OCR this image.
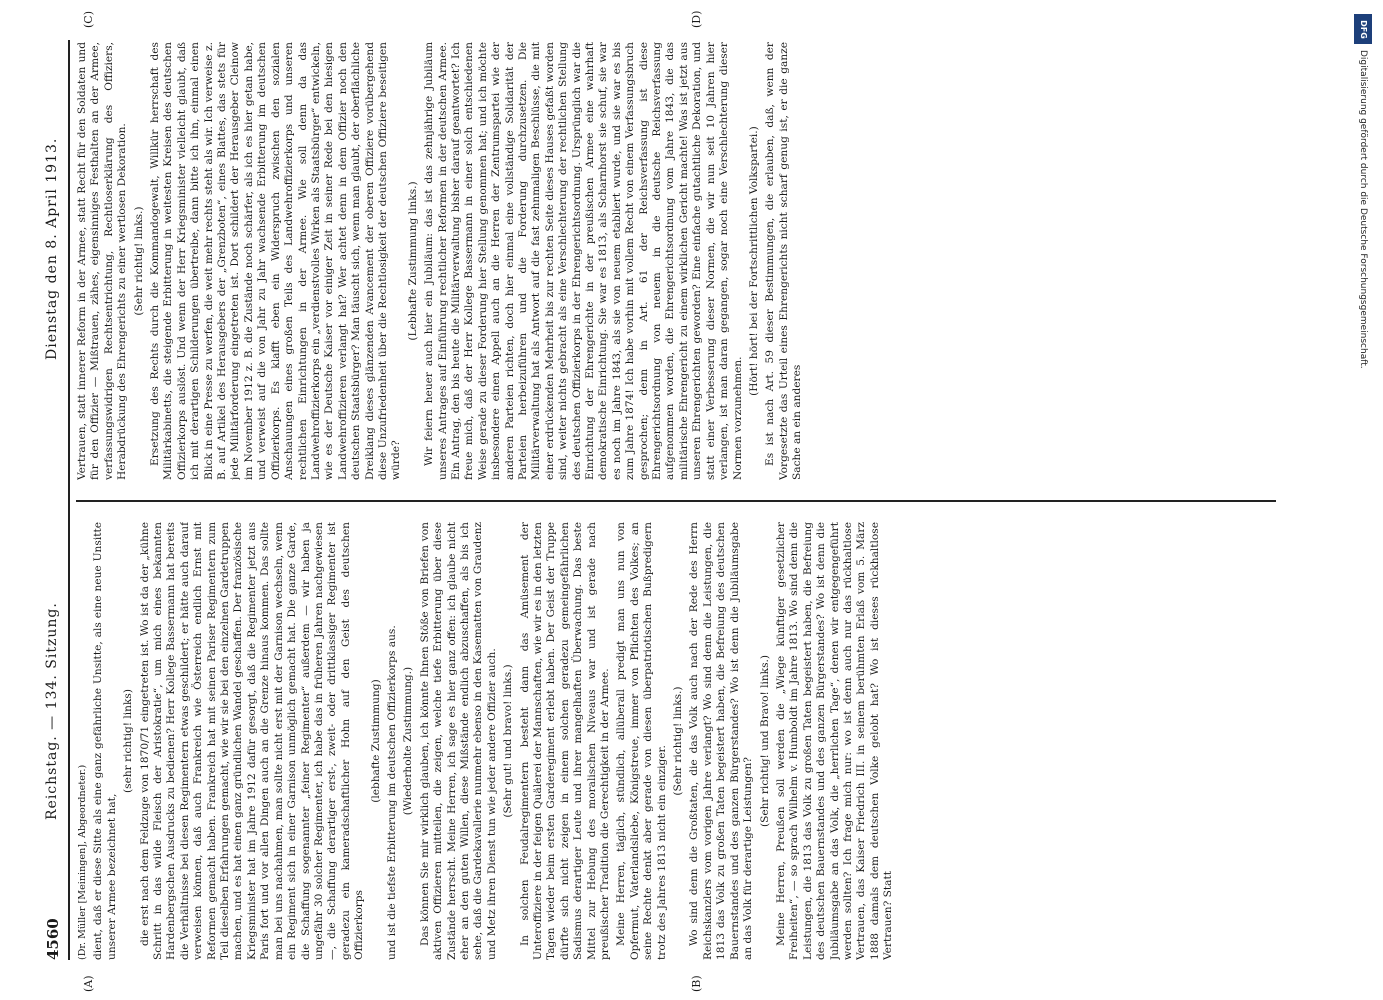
4560
Reichstag. — 134. Sitzung.
Dienstag den 8. April 1913.
(A)	(B)
(C)	(D)

(Dr. Müller [Meiningen], Abgeordneter.) dient, daß er diese Sitte als eine ganz gefährliche Unsitte, als eine neue Unsitte unserer Armee bezeichnet hat,

(sehr richtig! links) die erst nach dem Feldzuge von 1870/71 eingetreten ist. Wo ist da der „kühne Schritt in das wilde Fleisch der Aristokratie“, um mich eines bekannten Hardenbergschen Ausdrucks zu bedienen? Herr Kollege Bassermann hat bereits die Verhältnisse bei diesen Regimentern etwas geschildert; er hätte auch darauf verweisen können, daß auch Frankreich wie Österreich endlich Ernst mit Reformen gemacht haben. Frankreich hat mit seinen Pariser Regimentern zum Teil dieselben Erfahrungen gemacht, wie wir sie bei den einzelnen Gardetruppen machen, und es hat einen ganz gründlichen Wandel geschaffen. Der französische Kriegsminister hat im Jahre 1912 dafür gesorgt, daß die Regimenter jetzt aus Paris fort und vor allen Dingen auch an die Grenze hinaus kommen. Das sollte man bei uns nachahmen, man sollte nicht erst mit der Garnison wechseln, wenn ein Regiment sich in einer Garnison unmöglich gemacht hat. Die ganze Garde, die Schaffung sogenannter „feiner Regimenter“ außerdem — wir haben ja ungefähr 30 solcher Regimenter, ich habe das in früheren Jahren nachgewiesen —, die Schaffung derartiger erst-, zweit- oder drittklassiger Regimenter ist geradezu ein kameradschaftlicher Hohn auf den Geist des deutschen Offizierkorps

(lebhafte Zustimmung) und ist die tiefste Erbitterung im deutschen Offizierkorps aus. (Wiederholte Zustimmung.) Das können Sie mir wirklich glauben, ich könnte Ihnen Stöße von Briefen von aktiven Offizieren mitteilen, die zeigen, welche tiefe Erbitterung über diese Zustände herrscht. Meine Herren, ich sage es hier ganz offen: ich glaube nicht eher an den guten Willen, diese Mißstände endlich abzuschaffen, als bis ich sehe, daß die Gardekavallerie nunmehr ebenso in den Kasematten von Graudenz und Metz ihren Dienst tun wie jeder andere Offizier auch. (Sehr gut! und bravo! links.) In solchen Feudalregimentern besteht dann das Amüsement der Unteroffiziere in der feigen Quälerei der Mannschaften, wie wir es in den letzten Tagen wieder beim ersten Garderegiment erlebt haben. Der Geist der Truppe dürfte sich nicht zeigen in einem solchen geradezu gemeingefährlichen Sadismus derartiger Leute und ihrer mangelhaften Überwachung. Das beste Mittel zur Hebung des moralischen Niveaus war und ist gerade nach preußischer Tradition die Gerechtigkeit in der Armee. Meine Herren, täglich, stündlich, allüberall predigt man uns nun von Opfermut, Vaterlandsliebe, Königstreue, immer von Pflichten des Volkes; an seine Rechte denkt aber gerade von diesen überpatriotischen Bußpredigern trotz des Jahres 1813 nicht ein einziger.

(Sehr richtig! links.) Wo sind denn die Großtaten, die das Volk auch nach der Rede des Herrn Reichskanzlers vom vorigen Jahre verlangt? Wo sind denn die Leistungen, die 1813 das Volk zu großen Taten begeistert haben, die Befreiung des deutschen Bauernstandes und des ganzen Bürgerstandes? Wo ist denn die Jubiläumsgabe an das Volk für derartige Leistungen?

(Sehr richtig! und Bravo! links.) Meine Herren, Preußen soll werden die „Wiege künftiger gesetzlicher Freiheiten“, — so sprach Wilhelm v. Humboldt im Jahre 1813. Wo sind denn die Leistungen, die 1813 das Volk zu großen Taten begeistert haben, die Befreiung des deutschen Bauernstandes und des ganzen Bürgerstandes? Wo ist denn die Jubiläumsgabe an das Volk, die „herrlichen Tage“, denen wir entgegengeführt werden sollten? Ich frage mich nur: wo ist denn auch nur das rückhaltlose Vertrauen, das Kaiser Friedrich III. in seinem berühmten Erlaß vom 5. März 1888 damals dem deutschen Volke gelobt hat? Wo ist dieses rückhaltlose Vertrauen? Statt

Vertrauen, statt innerer Reform in der Armee, statt Recht für den Soldaten und für den Offizier — Mißtrauen, zähes, eigensinniges Festhalten an der Armee, verfassungswidrigen Rechtsentrichtung, Rechtloserklärung des Offiziers, Herabdrückung des Ehrengerichts zu einer wertlosen Dekoration. (Sehr richtig! links.) Ersetzung des Rechts durch die Kommandogewalt, Willkür herrschaft des Militärkabinetts, die steigende Erbitterung in weitesten Kreisen des deutschen Offizierkorps auslöst. Und wenn der Herr Kriegsminister vielleicht glaubt, daß ich mit derartigen Schilderungen übertreibe, dann bitte ich ihn, einmal einen Blick in eine Presse zu werfen, die weit mehr rechts steht als wir. Ich verweise z. B. auf Artikel des Herausgebers der „Grenzboten“, eines Blattes, das stets für jede Militärforderung eingetreten ist. Dort schildert der Herausgeber Cleinow im November 1912 z. B. die Zustände noch schärfer, als ich es hier getan habe, und verweist auf die von Jahr zu Jahr wachsende Erbitterung im deutschen Offizierkorps. Es klafft eben ein Widerspruch zwischen den sozialen Anschauungen eines großen Teils des Landwehroffizierkorps und unseren rechtlichen Einrichtungen in der Armee. Wie soll denn da das Landwehroffizierkorps ein „verdienstvolles Wirken als Staatsbürger“ entwickeln, wie es der Deutsche Kaiser vor einiger Zeit in seiner Rede bei den hiesigen Landwehroffizieren verlangt hat? Wer achtet denn in dem Offizier noch den deutschen Staatsbürger? Man täuscht sich, wenn man glaubt, der oberflächliche Dreiklang dieses glänzenden Avancement der oberen Offiziere vorübergehend diese Unzufriedenheit über die Rechtlosigkeit der deutschen Offiziere beseitigen würde?

(Lebhafte Zustimmung links.) Wir feiern heuer auch hier ein Jubiläum: das ist das zehnjährige Jubiläum unseres Antrages auf Einführung rechtlicher Reformen in der deutschen Armee. Ein Antrag, den bis heute die Militärverwaltung bisher darauf geantwortet? Ich freue mich, daß der Herr Kollege Bassermann in einer solch entschiedenen Weise gerade zu dieser Forderung hier Stellung genommen hat; und ich möchte insbesondere einen Appell auch an die Herren der Zentrumspartei wie der anderen Parteien richten, doch hier einmal eine vollständige Solidarität der Parteien herbeizuführen und die Forderung durchzusetzen. Die Militärverwaltung hat als Antwort auf die fast zehnmaligen Beschlüsse, die mit einer erdrückenden Mehrheit bis zur rechten Seite dieses Hauses gefaßt worden sind, weiter nichts gebracht als eine Verschlechterung der rechtlichen Stellung des deutschen Offizierkorps in der Ehrengerichtsordnung. Ursprünglich war die Einrichtung der Ehrengerichte in der preußischen Armee eine wahrhaft demokratische Einrichtung. Sie war es 1813, als Scharnhorst sie schuf, sie war es noch im Jahre 1843, als sie von neuem etabliert wurde, und sie war es bis zum Jahre 1874! Ich habe vorhin mit vollem Recht von einem Verfassungsbruch gesprochen; denn in Art. 61 der Reichsverfassung ist diese Ehrengerichtsordnung von neuem in die deutsche Reichsverfassung aufgenommen worden, die Ehrengerichtsordnung vom Jahre 1843, die das militärische Ehrengericht zu einem wirklichen Gericht machte! Was ist jetzt aus unseren Ehrengerichten geworden? Eine einfache gutachtliche Dekoration, und statt einer Verbesserung dieser Normen, die wir nun seit 10 Jahren hier verlangen, ist man daran gegangen, sogar noch eine Verschlechterung dieser Normen vorzunehmen.

(Hört! hört! bei der Fortschrittlichen Volkspartei.) Es ist nach Art. 59 dieser Bestimmungen, die erlauben, daß, wenn der Vorgesetzte das Urteil eines Ehrengerichts nicht scharf genug ist, er die ganze Sache an ein anderes

DFG
Digitalisierung gefördert durch die Deutsche Forschungsgemeinschaft.
